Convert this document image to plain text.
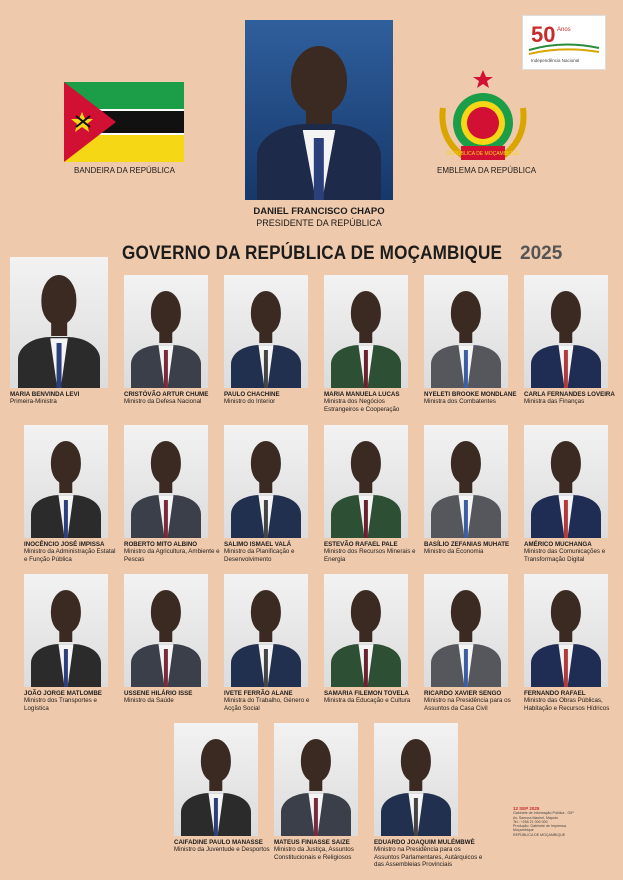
50 Anos
Independência Nacional
BANDEIRA DA REPÚBLICA
DANIEL FRANCISCO CHAPO
PRESIDENTE DA REPÚBLICA
REPÚBLICA DE MOÇAMBIQUE
EMBLEMA DA REPÚBLICA
GOVERNO DA REPÚBLICA DE MOÇAMBIQUE 2025
MARIA BENVINDA LEVI
Primeira-Ministra
CRISTÓVÃO ARTUR CHUME
Ministro da Defesa Nacional
PAULO CHACHINE
Ministro do Interior
MARIA MANUELA LUCAS
Ministra dos Negócios Estrangeiros e Cooperação
NYELETI BROOKE MONDLANE
Ministra dos Combatentes
CARLA FERNANDES LOVEIRA
Ministra das Finanças
INOCÊNCIO JOSÉ IMPISSA
Ministro da Administração Estatal e Função Pública
ROBERTO MITO ALBINO
Ministro da Agricultura, Ambiente e Pescas
SALIMO ISMAEL VALÁ
Ministro da Planificação e Desenvolvimento
ESTEVÃO RAFAEL PALE
Ministro dos Recursos Minerais e Energia
BASÍLIO ZEFANIAS MUHATE
Ministro da Economia
AMÉRICO MUCHANGA
Ministro das Comunicações e Transformação Digital
JOÃO JORGE MATLOMBE
Ministro dos Transportes e Logística
USSENE HILÁRIO ISSE
Ministro da Saúde
IVETE FERRÃO ALANE
Ministra do Trabalho, Género e Acção Social
SAMARIA FILEMON TOVELA
Ministra da Educação e Cultura
RICARDO XAVIER SENGO
Ministro na Presidência para os Assuntos da Casa Civil
FERNANDO RAFAEL
Ministro das Obras Públicas, Habitação e Recursos Hídricos
CAIFADINE PAULO MANASSE
Ministro da Juventude e Desportos
MATEUS FINIASSE SAIZE
Ministro da Justiça, Assuntos Constitucionais e Religiosos
EDUARDO JOAQUIM MULÉMBWÈ
Ministro na Presidência para os Assuntos Parlamentares, Autárquicos e das Assembleias Provinciais
12 SEP 2025
Gabinete de Informação Pública - GIP
Av. Samora Machel, Maputo
Tel.: +258 21 000 000
Produção: Gabinete de Imprensa
Moçambique
REPÚBLICA DE MOÇAMBIQUE
